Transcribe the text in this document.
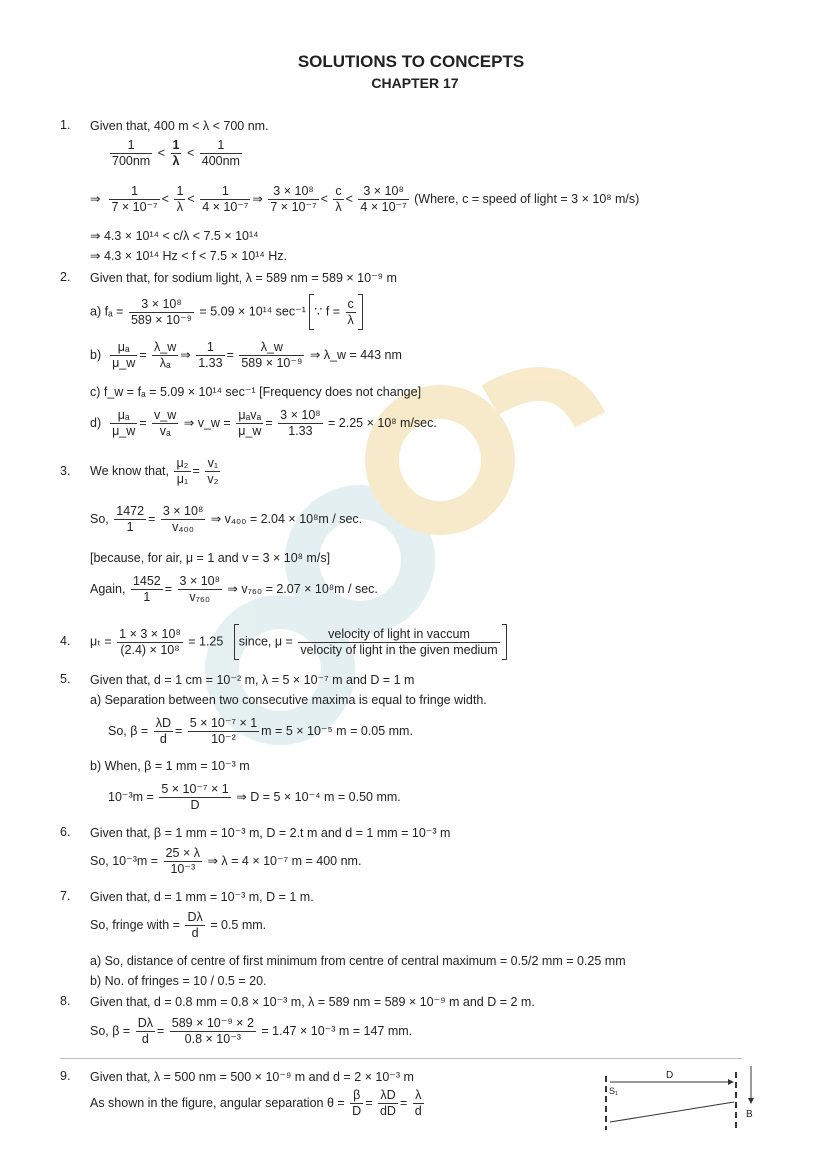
SOLUTIONS TO CONCEPTS
CHAPTER 17
1. Given that, 400 m < λ < 700 nm.
$\frac{1}{700nm} < \frac{1}{\lambda} < \frac{1}{400nm}$
⇒ $\frac{1}{\text{7 × 10⁻⁷}} < \frac{1}{\lambda} < \frac{1}{\text{4 × 10⁻⁷}}$ ⇒ $\frac{\text{3 × 10⁸}}{\text{7 × 10⁻⁷}} < \frac{c}{\lambda} < \frac{\text{3 × 10⁸}}{\text{4 × 10⁻⁷}}$ (Where, c = speed of light = 3 × 10⁸ m/s)
⇒ 4.3 × 10¹⁴ < c/λ < 7.5 × 10¹⁴
⇒ 4.3 × 10¹⁴ Hz < f < 7.5 × 10¹⁴ Hz.
2. Given that, for sodium light, λ = 589 nm = 589 × 10⁻⁹ m
a) $f_a = \frac{\text{3 × 10⁸}}{\text{589 × 10⁻⁹}} = 5.09 \times 10^{14}$ sec⁻¹ ∵ $f = \frac{c}{\lambda}$
$b) \frac{\text{μₐ}}{\mu\_w} = \frac{\lambda\_w}{\text{λₐ}}$ ⇒ $\frac{1}{1.33} = \frac{\lambda\_w}{\text{589 × 10⁻⁹}}$ ⇒ λ_w = 443 nm
c) f_w = fₐ = 5.09 × 10¹⁴ sec⁻¹ [Frequency does not change]
$d) \frac{\text{μₐ}}{\mu\_w} = \frac{v\_w}{\text{vₐ}}$ ⇒ v_w =
μₐvₐ
μ_w
= $\frac{\text{3 × 10⁸}}{1.33} = 2.25 \times 10^8$ m/sec.
3. We know that, $\frac{\text{μ₂}}{\text{μ₁}} = \frac{\text{v₁}}{\text{v₂}}$
So, $\frac{1472}{1} = \frac{\text{3 × 10⁸}}{\text{v₄₀₀}}$ ⇒ v₄₀₀ = 2.04 × 10⁸m / sec.
[because, for air, μ = 1 and v = 3 × 10⁸ m/s]
Again, $\frac{1452}{1} = \frac{\text{3 × 10⁸}}{\text{v₇₆₀}}$ ⇒ v₇₆₀ = 2.07 × 10⁸m / sec.
4. $\mu_t = \frac{\text{1 × 3 × 10⁸}}{\text{(2.4) × 10⁸}} = 1.25$ since, μ =
velocity of light in vaccum
velocity of light in the given medium
5. Given that, d = 1 cm = 10⁻² m, λ = 5 × 10⁻⁷ m and D = 1 m
a) Separation between two consecutive maxima is equal to fringe width.
So, $\beta = \frac{\lambda D}{d} = \frac{\text{5 × 10⁻⁷ × 1}}{\text{10⁻²}}$ m = 5 × 10⁻⁵ m = 0.05 mm.
b) When, β = 1 mm = 10⁻³ m
$10^{-3}m = \frac{\text{5 × 10⁻⁷ × 1}}{D}$ ⇒ D = 5 × 10⁻⁴ m = 0.50 mm.
6. Given that, β = 1 mm = 10⁻³ m, D = 2.t m and d = 1 mm = 10⁻³ m
So, $10^{-3}m = \frac{25 \times \lambda}{\text{10⁻³}}$ ⇒ λ = 4 × 10⁻⁷ m = 400 nm.
7. Given that, d = 1 mm = 10⁻³ m, D = 1 m.
So, fringe with = $\frac{D\lambda}{d} = 0.5$ mm.
a) So, distance of centre of first minimum from centre of central maximum = 0.5/2 mm = 0.25 mm
b) No. of fringes = 10 / 0.5 = 20.
8. Given that, d = 0.8 mm = 0.8 × 10⁻³ m, λ = 589 nm = 589 × 10⁻⁹ m and D = 2 m.
So, $\beta = \frac{D\lambda}{d} = \frac{\text{589 × 10⁻⁹ × 2}}{\text{0.8 × 10⁻³}} = 1.47 \times 10^{-3}$ m = 147 mm.
9. Given that, λ = 500 nm = 500 × 10⁻⁹ m and d = 2 × 10⁻³ m
As shown in the figure, angular separation $\theta = \frac{\beta}{D} = \frac{\lambda D}{dD} = \frac{\lambda}{d}$
D
S₁
B
